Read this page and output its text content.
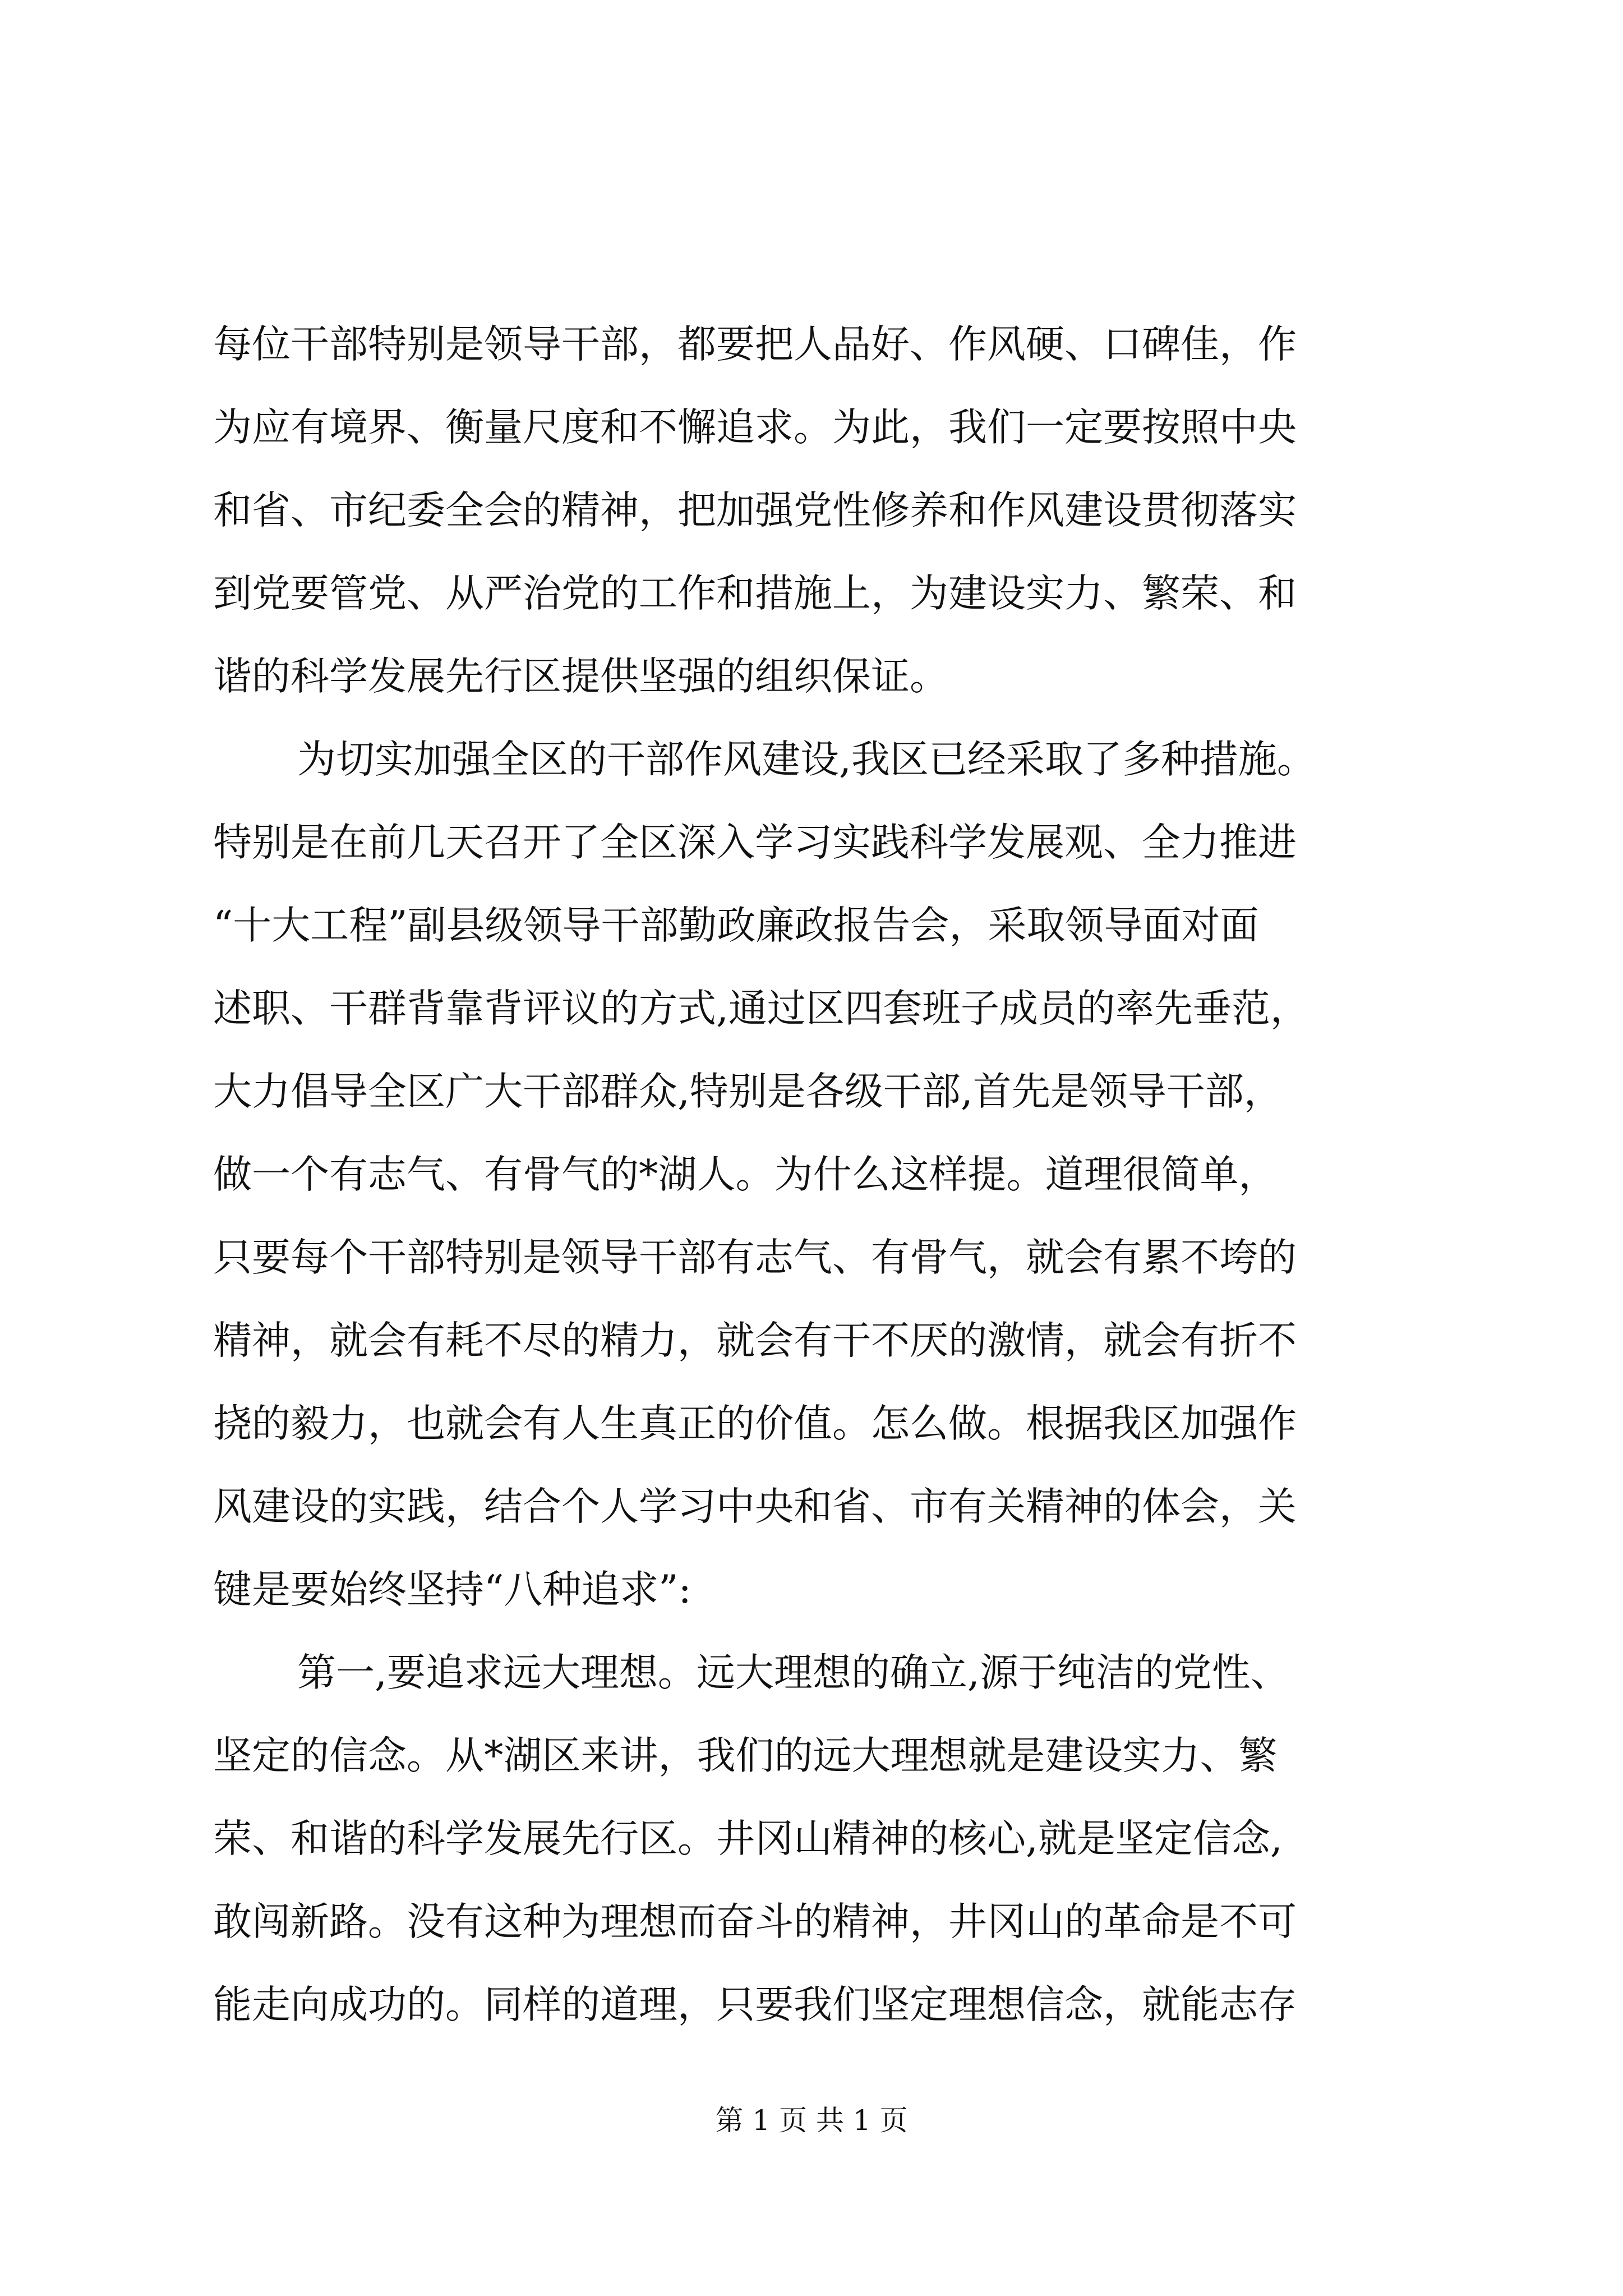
每位干部特别是领导干部，都要把人品好、作风硬、口碑佳，作
为应有境界、衡量尺度和不懈追求。为此，我们一定要按照中央
和省、市纪委全会的精神，把加强党性修养和作风建设贯彻落实
到党要管党、从严治党的工作和措施上，为建设实力、繁荣、和
谐的科学发展先行区提供坚强的组织保证。
为切实加强全区的干部作风建设,我区已经采取了多种措施。
特别是在前几天召开了全区深入学习实践科学发展观、全力推进
“十大工程”副县级领导干部勤政廉政报告会，采取领导面对面
述职、干群背靠背评议的方式,通过区四套班子成员的率先垂范，
大力倡导全区广大干部群众,特别是各级干部,首先是领导干部，
做一个有志气、有骨气的*湖人。为什么这样提。道理很简单，
只要每个干部特别是领导干部有志气、有骨气，就会有累不垮的
精神，就会有耗不尽的精力，就会有干不厌的激情，就会有折不
挠的毅力，也就会有人生真正的价值。怎么做。根据我区加强作
风建设的实践，结合个人学习中央和省、市有关精神的体会，关
键是要始终坚持“八种追求”:
第一,要追求远大理想。远大理想的确立,源于纯洁的党性、
坚定的信念。从*湖区来讲，我们的远大理想就是建设实力、繁
荣、和谐的科学发展先行区。井冈山精神的核心,就是坚定信念,
敢闯新路。没有这种为理想而奋斗的精神，井冈山的革命是不可
能走向成功的。同样的道理，只要我们坚定理想信念，就能志存
第 1 页 共 1 页
